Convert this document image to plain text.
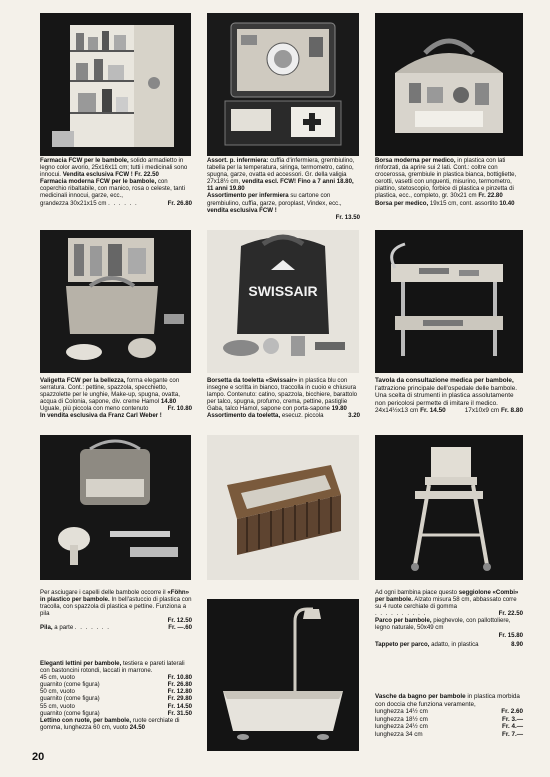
Farmacia FCW per le bambole, solido armadietto in legno color avorio, 25x16x11 cm; tutti i medicinali sono innocui. Vendita esclusiva FCW ! Fr. 22.50

Farmacia moderna FCW per le bambole, con coperchio ribaltabile, con manico, rosa o celeste, tanti medicinali innocui, garze, ecc.,

grandezza 30x21x15 cm . . . . . .	Fr. 26.80

Assort. p. infermiera: cuffia d'infermiera, grembiulino, tabella per la temperatura, siringa, termometro, catino, spugna, garze, ovatta ed accessori. Gr. della valigia 27x18½ cm, vendita escl. FCW! Fino a 7 anni 18.80, 11 anni 19.80

Assortimento per infermiera su cartone con grembiulino, cuffia, garze, poroplast, Vindex, ecc., vendita esclusiva FCW !

Fr. 13.50

Borsa moderna per medico, in plastica con lati rinforzati, da aprire sui 2 lati. Cont.: coltre con crocerossa, grembiule in plastica bianca, bottigliette, cerotti, vasetti con unguenti, misurino, termometro, piattino, stetoscopio, forbice di plastica e pinzetta di plastica, ecc., completo, gr. 30x21 cm Fr. 22.80

Borsa per medico, 19x15 cm, cont. assortito 10.40

SWISSAIR

Valigetta FCW per la bellezza, forma elegante con serratura. Cont.: pettine, spazzola, specchietto, spazzolette per le unghie, Make-up, spugna, ovatta, acqua di Colonia, sapone, div. creme Hamol 14.80

Uguale, più piccola con meno contenuto	Fr. 10.80

In vendita esclusiva da Franz Carl Weber !

Borsetta da toeletta «Swissair» in plastica blu con insegne e scritta in bianco, traccolla in cuoio e chiusura lampo. Contenuto: catino, spazzola, bicchiere, barattolo per talco, spugna, profumo, crema, pettine, pastiglie Gaba, talco Hamol, sapone con porta-sapone 19.80

Assortimento da toeletta, esecuz. piccola	3.20

Tavola da consultazione medica per bambole, l'attrazione principale dell'ospedale delle bambole. Una scelta di strumenti in plastica assolutamente non pericolosi permette di imitare il medico.

24x14½x13 cm Fr. 14.50	17x10x9 cm Fr. 8.80

Per asciugare i capelli delle bambole occorre il «Föhn» in plastico per bambole. In bell'astuccio di plastica con tracolla, con spazzola di plastica e pettine. Funziona a pila

Fr. 12.50
Pila, a parte . . . . . . .	Fr. —.60

Ad ogni bambina piace questo seggiolone «Combi» per bambole. Alzato misura 58 cm, abbassato corre su 4 ruote cerchiate di gomma

. . . . . . . . . .	Fr. 22.50

Parco per bambole, pieghevole, con pallottoliere, legno naturale, 50x49 cm

Fr. 15.80
Tappeto per parco, adatto, in plastica	8.90

Eleganti lettini per bambole, testiera e pareti laterali con bastoncini rotondi, laccati in marrone.

45 cm, vuoto	Fr. 10.80
guarnito (come figura)	Fr. 26.80
50 cm, vuoto	Fr. 12.80
guarnito (come figura)	Fr. 29.80
55 cm, vuoto	Fr. 14.50
guarnito (come figura)	Fr. 31.50

Lettino con ruote, per bambole, ruote cerchiate di gomma, lunghezza 60 cm, vuoto 24.50

Vasche da bagno per bambole in plastica morbida con doccia che funziona veramente,

lunghezza 14½ cm	Fr. 2.60
lunghezza 18½ cm	Fr. 3.—
lunghezza 24½ cm	Fr. 4.—
lunghezza 34 cm	Fr. 7.—
20
